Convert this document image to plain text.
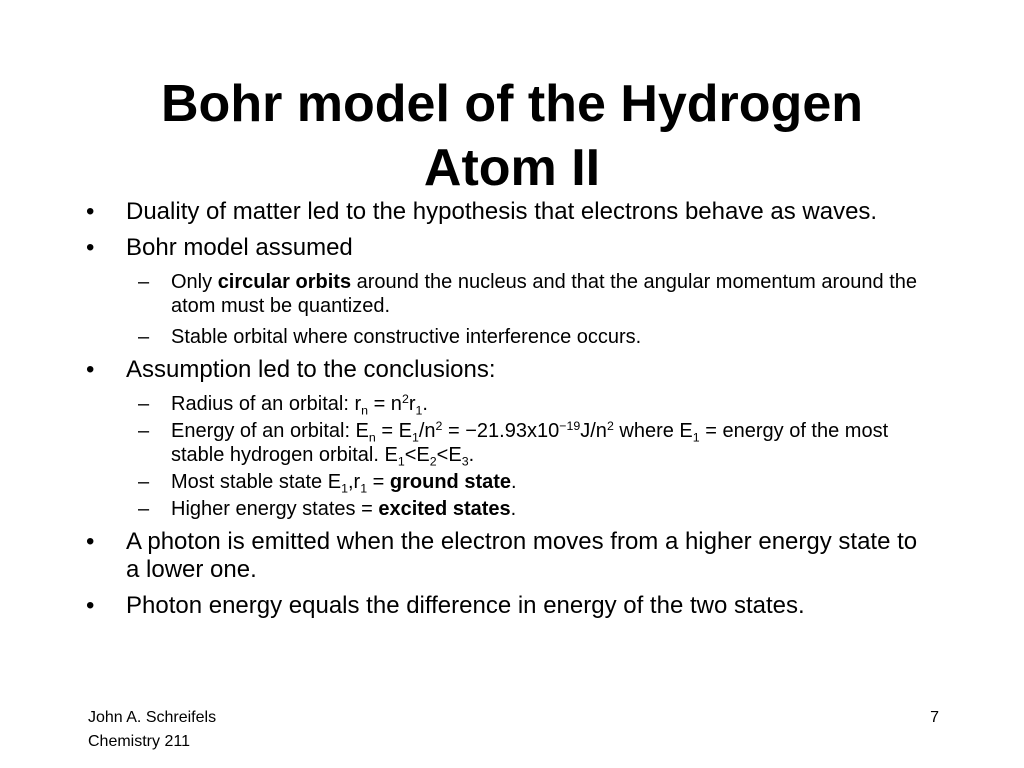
Bohr model of the Hydrogen
Atom II

• Duality of matter led to the hypothesis that electrons behave as waves.

• Bohr model assumed

– Only circular orbits around the nucleus and that the angular momentum around the atom must be quantized.

– Stable orbital where constructive interference occurs.

• Assumption led to the conclusions:

– Radius of an orbital: $r_n = n^2r_1$.

– Energy of an orbital: $E_n = E_1/n^2 = -21.93x10^{-19}J/n^2$ where $E_1$ = energy of the most stable hydrogen orbital. $E_1<E_2<E_3$.

– Most stable state $E_1,r_1$ = ground state.

– Higher energy states = excited states.

• A photon is emitted when the electron moves from a higher energy state to a lower one.

• Photon energy equals the difference in energy of the two states.

John A. Schreifels
Chemistry 211
7
